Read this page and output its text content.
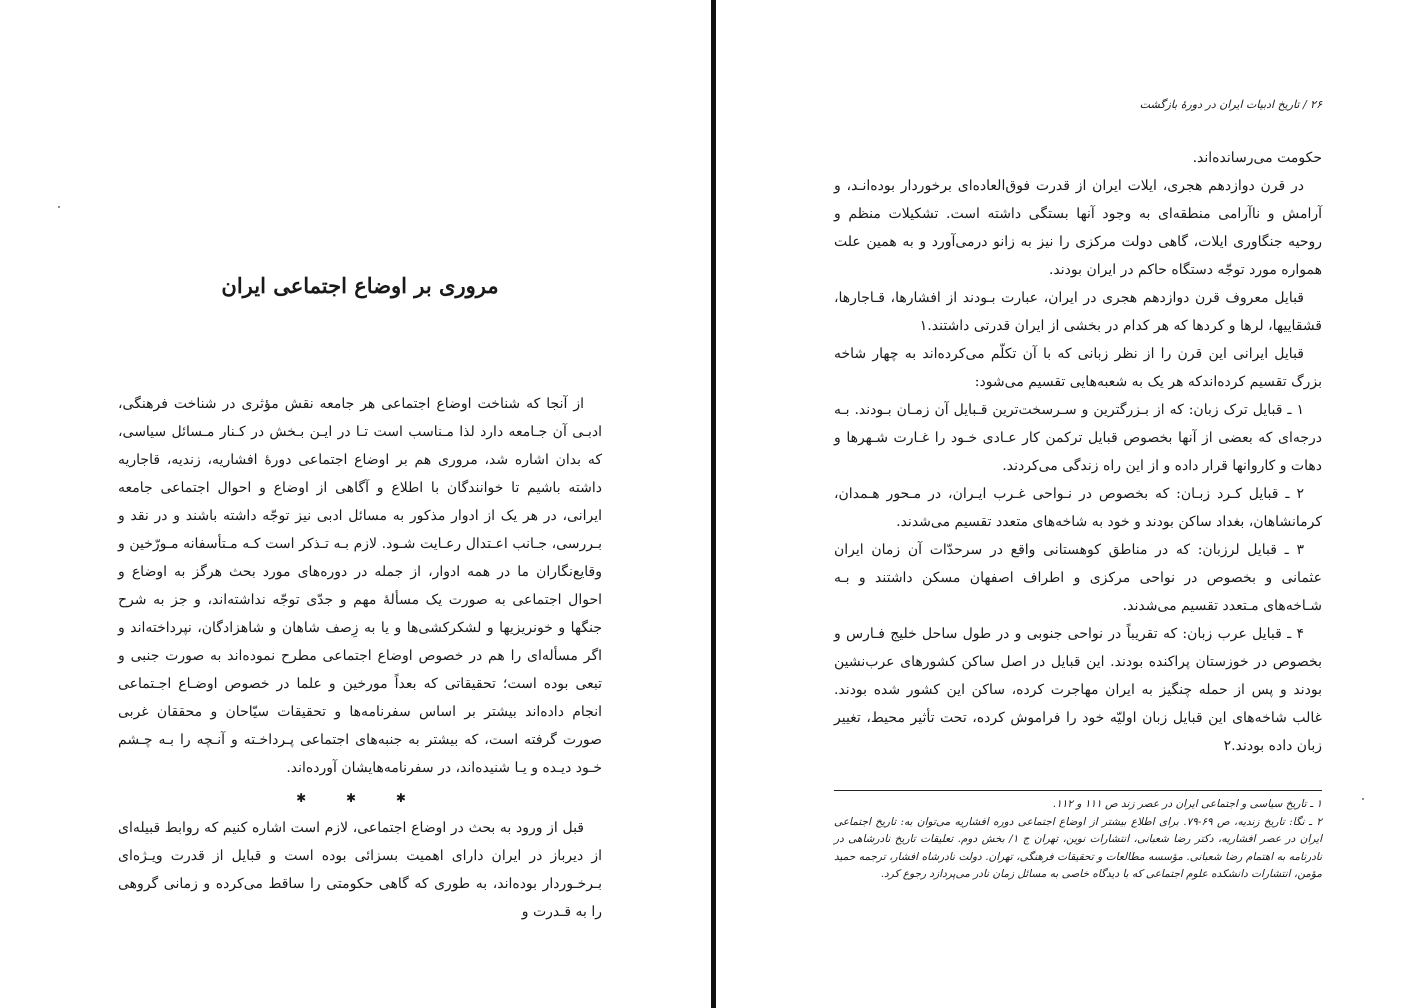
مروری بر اوضاع اجتماعی ایران

از آنجا که شناخت اوضاع اجتماعی هر جامعه نقش مؤثری در شناخت فرهنگی، ادبـی آن جـامعه دارد لذا مـناسب است تـا در ایـن بـخش در کـنار مـسائل سیاسی، که بدان اشاره شد، مروری هم بر اوضاع اجتماعی دورهٔ افشاریه، زندیه، قاجاریه داشته باشیم تا خوانندگان با اطلاع و آگاهی از اوضاع و احوال اجتماعی جامعه ایرانی، در هر یک از ادوار مذکور به مسائل ادبی نیز توجّه داشته باشند و در نقد و بـررسی، جـانب اعـتدال رعـایت شـود. لازم بـه تـذکر است کـه مـتأسفانه مـورّخین و وقایع‌نگاران ما در همه ادوار، از جمله در دوره‌های مورد بحث هرگز به اوضاع و احوال اجتماعی به صورت یک مسألهٔ مهم و جدّی توجّه نداشته‌اند، و جز به شرح جنگها و خونریزیها و لشکرکشی‌ها و یا به زِصف شاهان و شاهزادگان، نپرداخته‌اند و اگر مسأله‌ای را هم در خصوص اوضاع اجتماعی مطرح نموده‌اند به صورت جنبی و تبعی بوده است؛ تحقیقاتی که بعداً مورخین و علما در خصوص اوضـاع اجـتماعی انجام داده‌اند بیشتر بر اساس سفرنامه‌ها و تحقیقات سیّاحان و محققان غربی صورت گرفته است، که بیشتر به جنبه‌های اجتماعی پـرداخـته و آنـچه را بـه چـشم خـود دیـده و یـا شنیده‌اند، در سفرنامه‌هایشان آورده‌اند.

✱ ✱ ✱

قبل از ورود به بحث در اوضاع اجتماعی، لازم است اشاره کنیم که روابط قبیله‌ای از دیرباز در ایران دارای اهمیت بسزائی بوده است و قبایل از قدرت ویـژه‌ای بـرخـوردار بوده‌اند، به طوری که گاهی حکومتی را ساقط می‌کرده و زمانی گروهی را به قـدرت و

۲۶ / تاریخ ادبیات ایران در دورهٔ بازگشت

حکومت می‌رسانده‌اند.

در قرن دوازدهم هجری، ایلات ایران از قدرت فوق‌العاده‌ای برخوردار بوده‌انـد، و آرامش و ناآرامی منطقه‌ای به وجود آنها بستگی داشته است. تشکیلات منظم و روحیه جنگاوری ایلات، گاهی دولت مرکزی را نیز به زانو درمی‌آورد و به همین علت همواره مورد توجّه دستگاه حاکم در ایران بودند.

قبایل معروف قرن دوازدهم هجری در ایران، عبارت بـودند از افشارها، قـاجارها، قشقاییها، لرها و کردها که هر کدام در بخشی از ایران قدرتی داشتند.۱

قبایل ایرانی این قرن را از نظر زبانی که با آن تکلّم می‌کرده‌اند به چهار شاخه بزرگ تقسیم کرده‌اندکه هر یک به شعبه‌هایی تقسیم می‌شود:

۱ ـ قبایل ترک زبان: که از بـزرگترین و سـرسخت‌ترین قـبایل آن زمـان بـودند. بـه درجه‌ای که بعضی از آنها بخصوص قبایل ترکمن کار عـادی خـود را غـارت شـهرها و دهات و کاروانها قرار داده و از این راه زندگی می‌کردند.

۲ ـ قبایل کـرد زبـان: که بخصوص در نـواحی غـرب ایـران، در مـحور هـمدان، کرمانشاهان، بغداد ساکن بودند و خود به شاخه‌های متعدد تقسیم می‌شدند.

۳ ـ قبایل لرزبان: که در مناطق کوهستانی واقع در سرحدّات آن زمان ایران عثمانی و بخصوص در نواحی مرکزی و اطراف اصفهان مسکن داشتند و بـه شـاخه‌های مـتعدد تقسیم می‌شدند.

۴ ـ قبایل عرب زبان: که تقریباً در نواحی جنوبی و در طول ساحل خلیج فـارس و بخصوص در خوزستان پراکنده بودند. این قبایل در اصل ساکن کشورهای عرب‌نشین بودند و پس از حمله چنگیز به ایران مهاجرت کرده، ساکن این کشور شده بودند. غالب شاخه‌های این قبایل زبان اولیّه خود را فراموش کرده، تحت تأثیر محیط، تغییر زبان داده بودند.۲

۱ ـ تاریخ سیاسی و اجتماعی ایران در عصر زند ص ۱۱۱ و ۱۱۲.

۲ ـ نگا: تاریخ زندیه، ص ۶۹-۷۹. برای اطلاع بیشتر از اوضاع اجتماعی دوره افشاریه می‌توان به: تاریخ اجتماعی ایران در عصر افشاریه، دکتر رضا شعبانی، انتشارات نوین، تهران ج ۱/ بخش دوم. تعلیقات تاریخ نادرشاهی در نادرنامه به اهتمام رضا شعبانی. مؤسسه مطالعات و تحقیقات فرهنگی، تهران. دولت نادرشاه افشار، ترجمه حمید مؤمن، انتشارات دانشکده علوم اجتماعی که با دیدگاه خاصی به مسائل زمان نادر می‌پردازد رجوع کرد.
